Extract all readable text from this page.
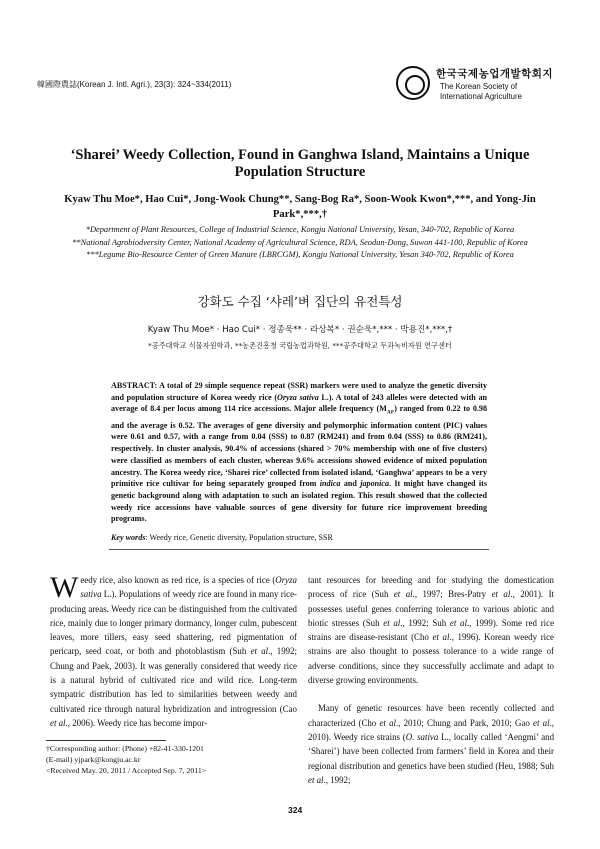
韓國際農誌(Korean J. Intl. Agri.), 23(3): 324~334(2011)
한국국제농업개발학회지
The Korean Society of International Agriculture
‘Sharei’ Weedy Collection, Found in Ganghwa Island, Maintains a Unique Population Structure
Kyaw Thu Moe*, Hao Cui*, Jong-Wook Chung**, Sang-Bog Ra*, Soon-Wook Kwon*,***, and Yong-Jin Park*,***,†
*Department of Plant Resources, College of Industrial Science, Kongju National University, Yesan, 340-702, Republic of Korea
**National Agrobiodversity Center, National Academy of Agricultural Science, RDA, Seodun-Dong, Suwon 441-100, Republic of Korea
***Legume Bio-Resource Center of Green Manure (LBRCGM), Kongju National University, Yesan 340-702, Republic of Korea
강화도 수집 ‘샤레’벼 집단의 유전특성
Kyaw Thu Moe* · Hao Cui* · 정종욱** · 라상복* · 권순욱*,*** · 박용진*,***,†
*공주대학교 식물자원학과, **농촌진흥청 국립농업과학원, ***공주대학교 두과녹비자원 연구센터
ABSTRACT: A total of 29 simple sequence repeat (SSR) markers were used to analyze the genetic diversity and population structure of Korea weedy rice (Oryza sativa L.). A total of 243 alleles were detected with an average of 8.4 per locus among 114 rice accessions. Major allele frequency $(M_{AF})$ ranged from 0.22 to 0.98 and the average is 0.52. The averages of gene diversity and polymorphic information content (PIC) values were 0.61 and 0.57, with a range from 0.04 (SSS) to 0.87 (RM241) and from 0.04 (SSS) to 0.86 (RM241), respectively. In cluster analysis, 90.4% of accessions (shared > 70% membership with one of five clusters) were classified as members of each cluster, whereas 9.6% accessions showed evidence of mixed population ancestry. The Korea weedy rice, ‘Sharei rice’ collected from isolated island, ‘Ganghwa’ appears to be a very primitive rice cultivar for being separately grouped from indica and japonica. It might have changed its genetic background along with adaptation to such an isolated region. This result showed that the collected weedy rice accessions have valuable sources of gene diversity for future rice improvement breeding programs.
Key words: Weedy rice, Genetic diversity, Population structure, SSR
Weedy rice, also known as red rice, is a species of rice (Oryza sativa L.). Populations of weedy rice are found in many rice-producing areas. Weedy rice can be distinguished from the cultivated rice, mainly due to longer primary dormancy, longer culm, pubescent leaves, more tillers, easy seed shattering, red pigmentation of pericarp, seed coat, or both and photoblastism (Suh et al., 1992; Chung and Paek, 2003). It was generally considered that weedy rice is a natural hybrid of cultivated rice and wild rice. Long-term sympatric distribution has led to similarities between weedy and cultivated rice through natural hybridization and introgression (Cao et al., 2006). Weedy rice has become impor-

tant resources for breeding and for studying the domestication process of rice (Suh et al., 1997; Bres-Patry et al., 2001). It possesses useful genes conferring tolerance to various abiotic and biotic stresses (Suh et al., 1992; Suh et al., 1999). Some red rice strains are disease-resistant (Cho et al., 1996). Korean weedy rice strains are also thought to possess tolerance to a wide range of adverse conditions, since they successfully acclimate and adapt to diverse growing environments.

Many of genetic resources have been recently collected and characterized (Cho et al., 2010; Chung and Park, 2010; Gao et al., 2010). Weedy rice strains (O. sativa L., locally called ‘Aengmi’ and ‘Sharei’) have been collected from farmers’ field in Korea and their regional distribution and genetics have been studied (Heu, 1988; Suh et al., 1992;

†Corresponding author: (Phone) +82-41-330-1201
(E-mail) yjpark@kongju.ac.kr
<Received May. 20, 2011 / Accepted Sep. 7, 2011>
324
